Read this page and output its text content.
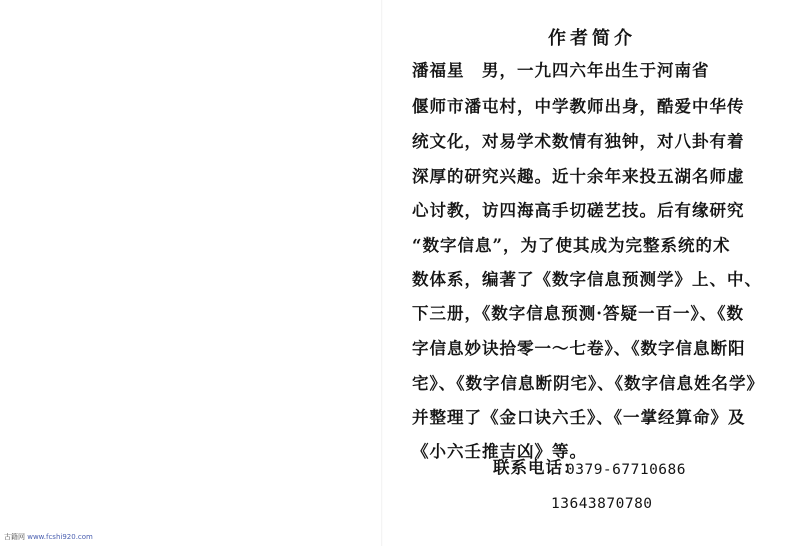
作者简介
潘福星　男，一九四六年出生于河南省
偃师市潘屯村，中学教师出身，酷爱中华传
统文化，对易学术数情有独钟，对八卦有着
深厚的研究兴趣。近十余年来投五湖名师虚
心讨教，访四海高手切磋艺技。后有缘研究
“数字信息”，为了使其成为完整系统的术
数体系，编著了《数字信息预测学》上、中、
下三册，《数字信息预测·答疑一百一》、《数
字信息妙诀拾零一～七卷》、《数字信息断阳
宅》、《数字信息断阴宅》、《数字信息姓名学》
并整理了《金口诀六壬》、《一掌经算命》及
《小六壬推吉凶》等。
联系电话：
0379-67710686
13643870780
古籍网 www.fcshi920.com
